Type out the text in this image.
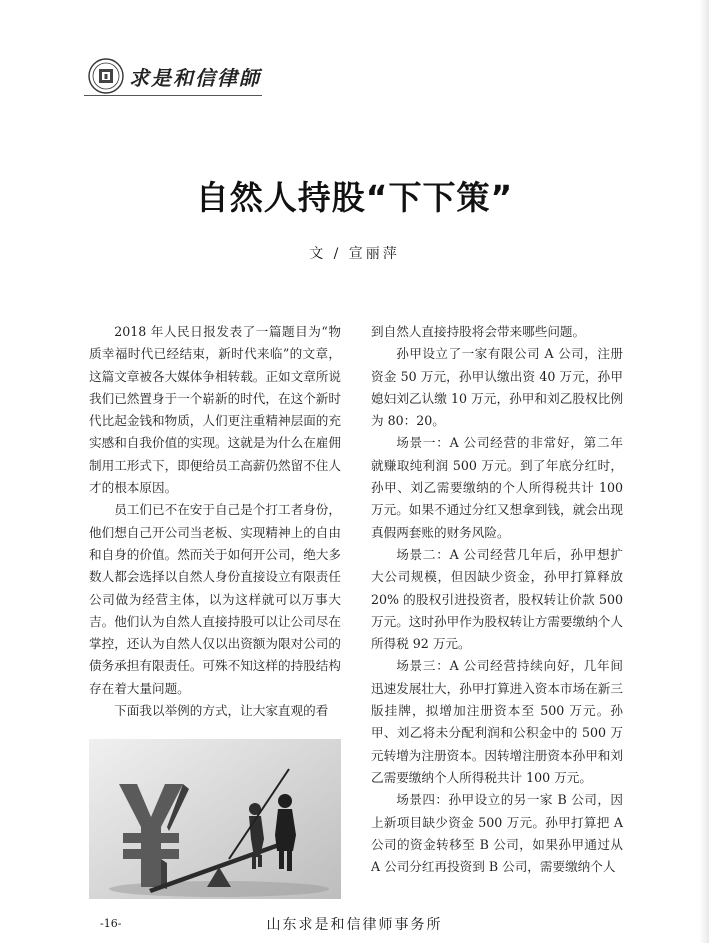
求是和信律師
自然人持股“下下策”
文 / 宣丽萍

2018 年人民日报发表了一篇题目为“物质幸福时代已经结束，新时代来临”的文章，这篇文章被各大媒体争相转载。正如文章所说我们已然置身于一个崭新的时代，在这个新时代比起金钱和物质，人们更注重精神层面的充实感和自我价值的实现。这就是为什么在雇佣制用工形式下，即便给员工高薪仍然留不住人才的根本原因。

员工们已不在安于自己是个打工者身份，他们想自己开公司当老板、实现精神上的自由和自身的价值。然而关于如何开公司，绝大多数人都会选择以自然人身份直接设立有限责任公司做为经营主体，以为这样就可以万事大吉。他们认为自然人直接持股可以让公司尽在掌控，还认为自然人仅以出资额为限对公司的债务承担有限责任。可殊不知这样的持股结构存在着大量问题。

下面我以举例的方式，让大家直观的看

到自然人直接持股将会带来哪些问题。

孙甲设立了一家有限公司 A 公司，注册资金 50 万元，孙甲认缴出资 40 万元，孙甲媳妇刘乙认缴 10 万元，孙甲和刘乙股权比例为 80：20。

场景一：A 公司经营的非常好，第二年就赚取纯利润 500 万元。到了年底分红时，孙甲、刘乙需要缴纳的个人所得税共计 100 万元。如果不通过分红又想拿到钱，就会出现真假两套账的财务风险。

场景二：A 公司经营几年后，孙甲想扩大公司规模，但因缺少资金，孙甲打算释放 20% 的股权引进投资者，股权转让价款 500 万元。这时孙甲作为股权转让方需要缴纳个人所得税 92 万元。

场景三：A 公司经营持续向好，几年间迅速发展壮大，孙甲打算进入资本市场在新三版挂牌，拟增加注册资本至 500 万元。孙甲、刘乙将未分配利润和公积金中的 500 万元转增为注册资本。因转增注册资本孙甲和刘乙需要缴纳个人所得税共计 100 万元。

场景四：孙甲设立的另一家 B 公司，因上新项目缺少资金 500 万元。孙甲打算把 A 公司的资金转移至 B 公司，如果孙甲通过从 A 公司分红再投资到 B 公司，需要缴纳个人

-16-	山东求是和信律师事务所
